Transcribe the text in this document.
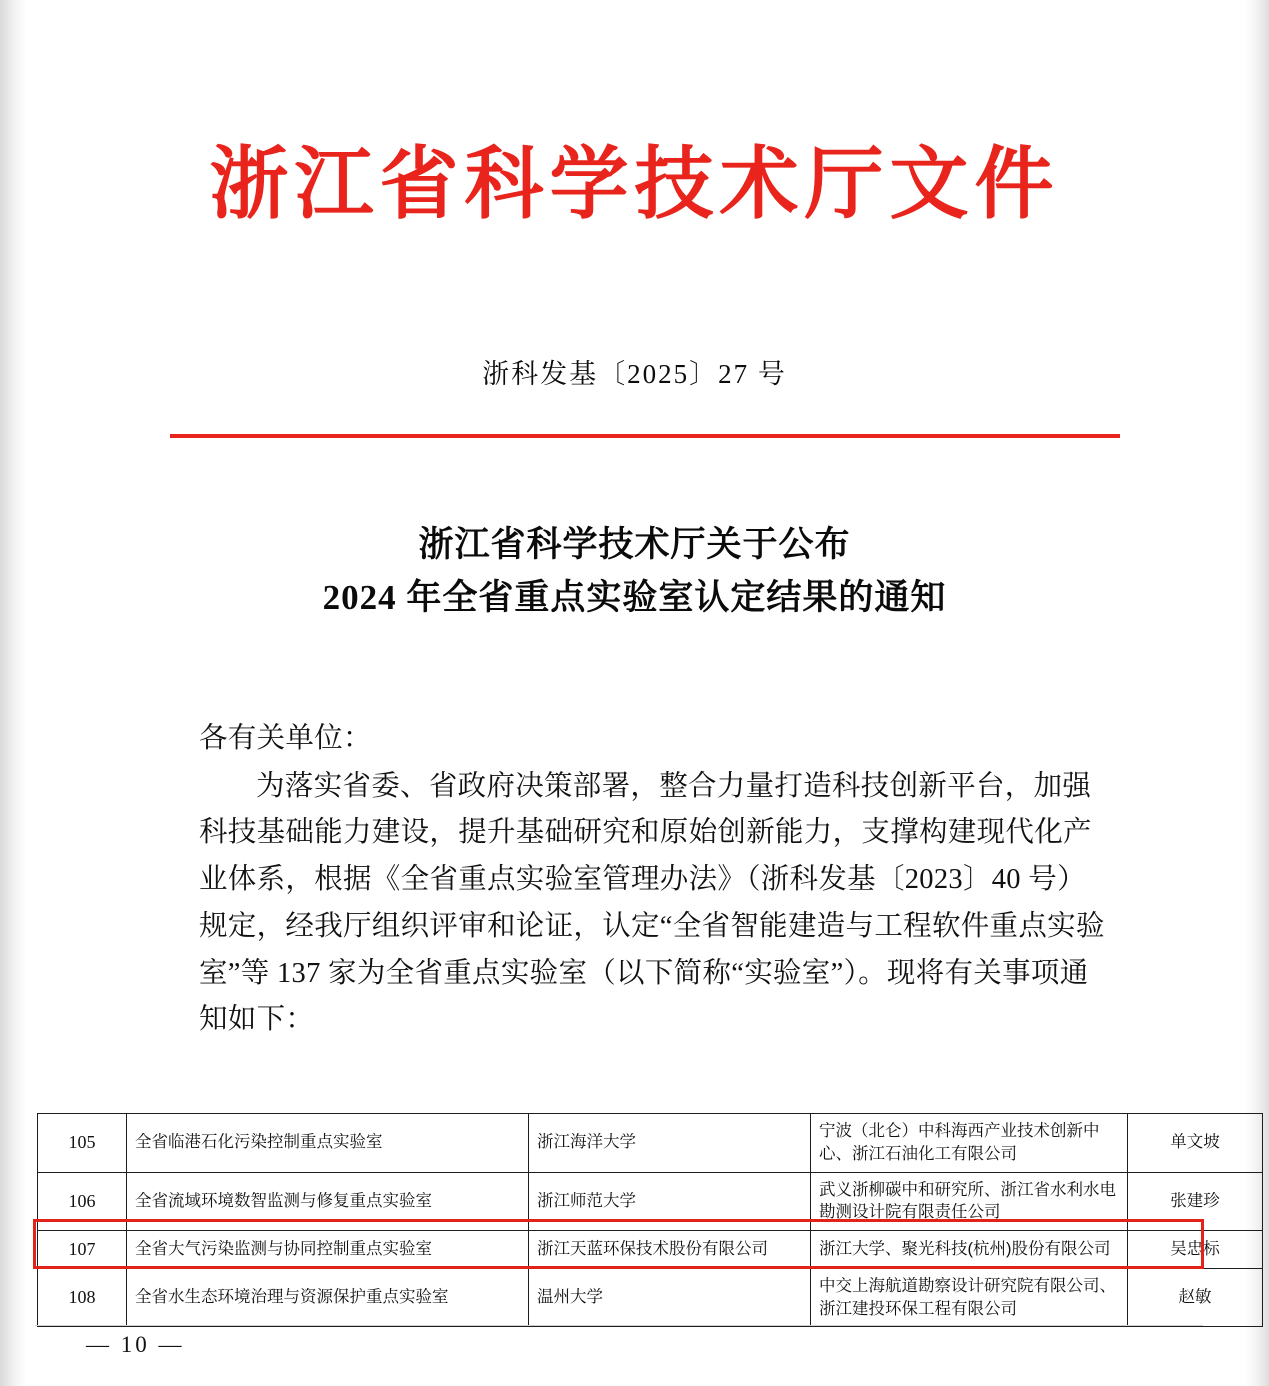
浙江省科学技术厅文件
浙科发基〔2025〕27 号
浙江省科学技术厅关于公布
2024 年全省重点实验室认定结果的通知

各有关单位：

为落实省委、省政府决策部署，整合力量打造科技创新平台，加强科技基础能力建设，提升基础研究和原始创新能力，支撑构建现代化产业体系，根据《全省重点实验室管理办法》（浙科发基〔2023〕40 号）规定，经我厅组织评审和论证，认定“全省智能建造与工程软件重点实验室”等 137 家为全省重点实验室（以下简称“实验室”）。现将有关事项通知如下：

105	全省临港石化污染控制重点实验室	浙江海洋大学	宁波（北仑）中科海西产业技术创新中心、浙江石油化工有限公司	单文坡
106	全省流域环境数智监测与修复重点实验室	浙江师范大学	武义浙柳碳中和研究所、浙江省水利水电勘测设计院有限责任公司	张建珍
107	全省大气污染监测与协同控制重点实验室	浙江天蓝环保技术股份有限公司	浙江大学、聚光科技(杭州)股份有限公司	吴忠标
108	全省水生态环境治理与资源保护重点实验室	温州大学	中交上海航道勘察设计研究院有限公司、浙江建投环保工程有限公司	赵敏
— 10 —
